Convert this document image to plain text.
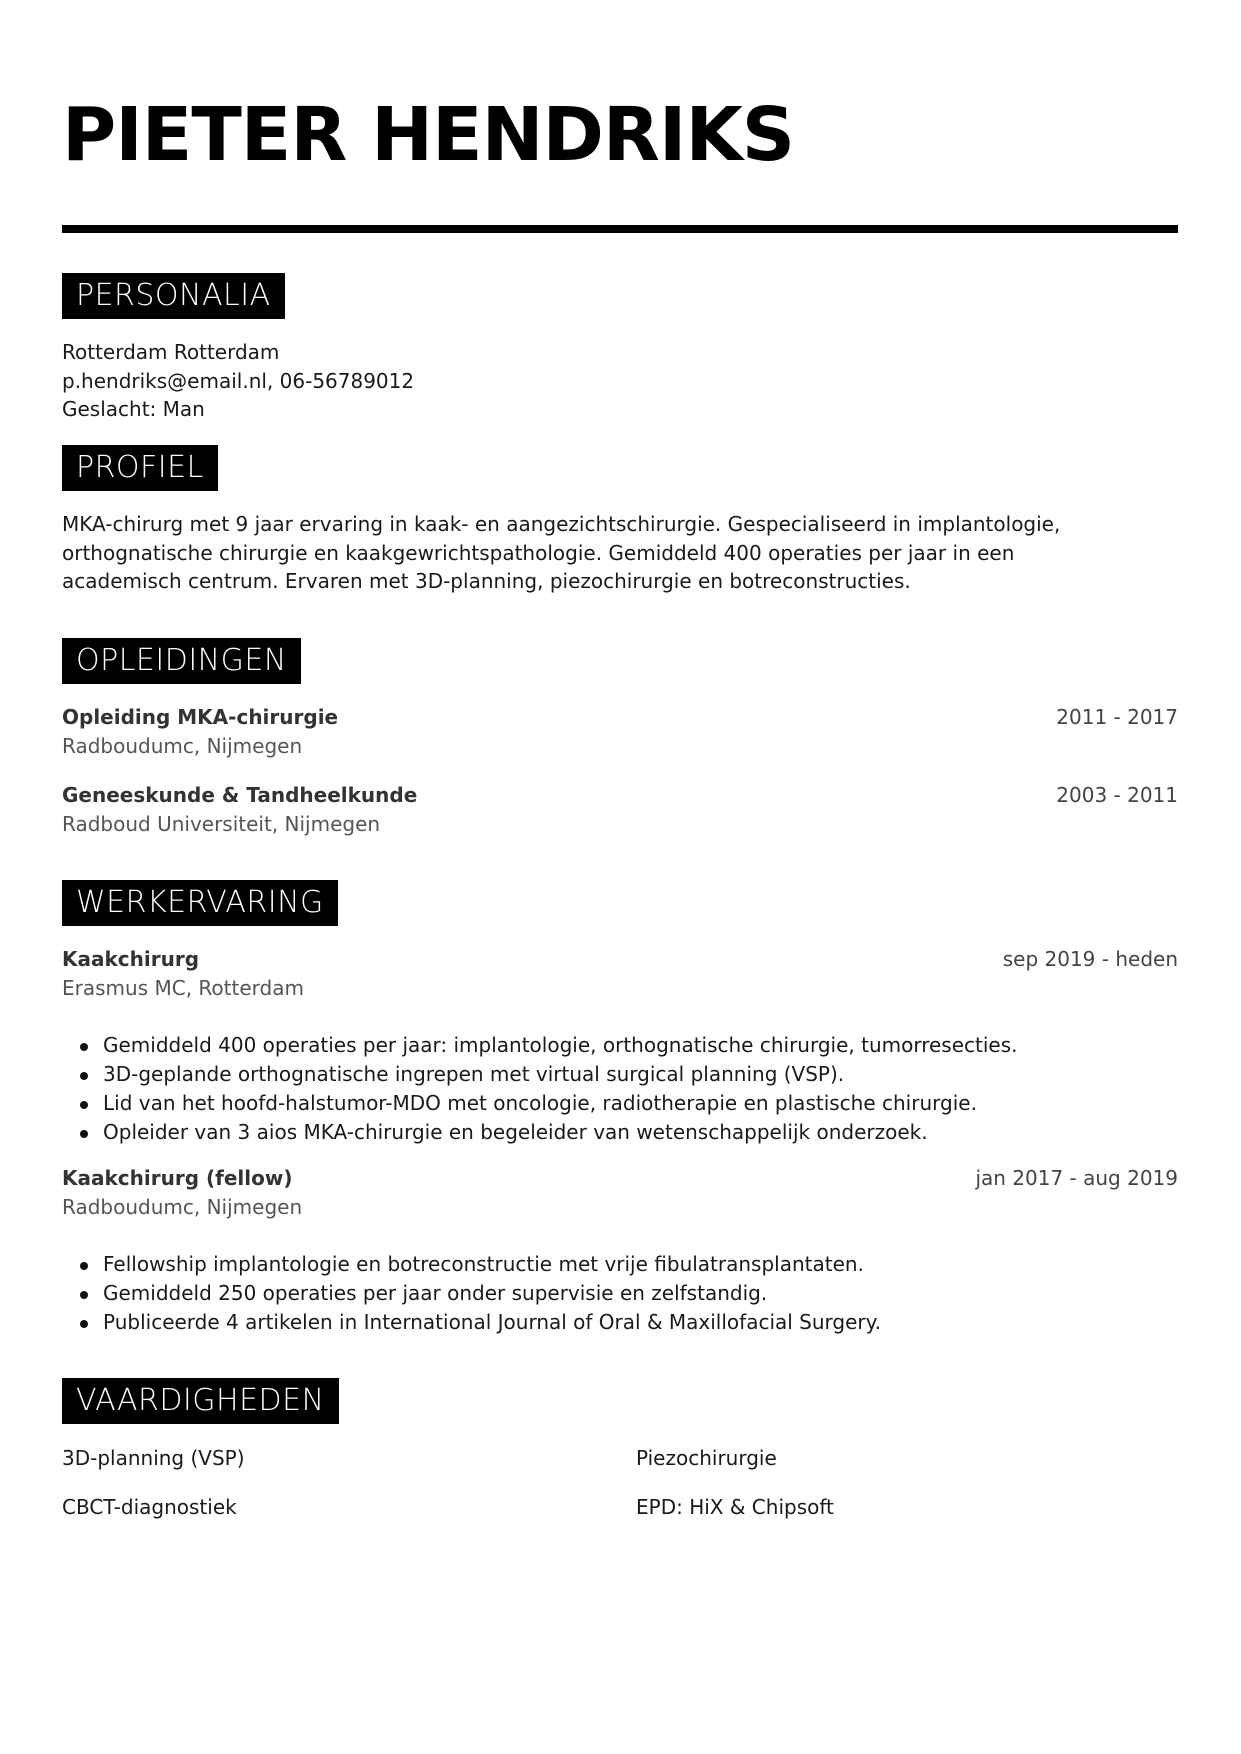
PIETER HENDRIKS
PERSONALIA
Rotterdam Rotterdam
p.hendriks@email.nl, 06-56789012
Geslacht: Man
PROFIEL
MKA-chirurg met 9 jaar ervaring in kaak- en aangezichtschirurgie. Gespecialiseerd in implantologie,
orthognatische chirurgie en kaakgewrichtspathologie. Gemiddeld 400 operaties per jaar in een
academisch centrum. Ervaren met 3D-planning, piezochirurgie en botreconstructies.
OPLEIDINGEN
Opleiding MKA-chirurgie
Radboudumc, Nijmegen
2011 - 2017
Geneeskunde & Tandheelkunde
Radboud Universiteit, Nijmegen
2003 - 2011
WERKERVARING
Kaakchirurg
Erasmus MC, Rotterdam
sep 2019 - heden
Gemiddeld 400 operaties per jaar: implantologie, orthognatische chirurgie, tumorresecties.
3D-geplande orthognatische ingrepen met virtual surgical planning (VSP).
Lid van het hoofd-halstumor-MDO met oncologie, radiotherapie en plastische chirurgie.
Opleider van 3 aios MKA-chirurgie en begeleider van wetenschappelijk onderzoek.
Kaakchirurg (fellow)
Radboudumc, Nijmegen
jan 2017 - aug 2019
Fellowship implantologie en botreconstructie met vrije fibulatransplantaten.
Gemiddeld 250 operaties per jaar onder supervisie en zelfstandig.
Publiceerde 4 artikelen in International Journal of Oral & Maxillofacial Surgery.
VAARDIGHEDEN
3D-planning (VSP)	Piezochirurgie
CBCT-diagnostiek	EPD: HiX & Chipsoft
